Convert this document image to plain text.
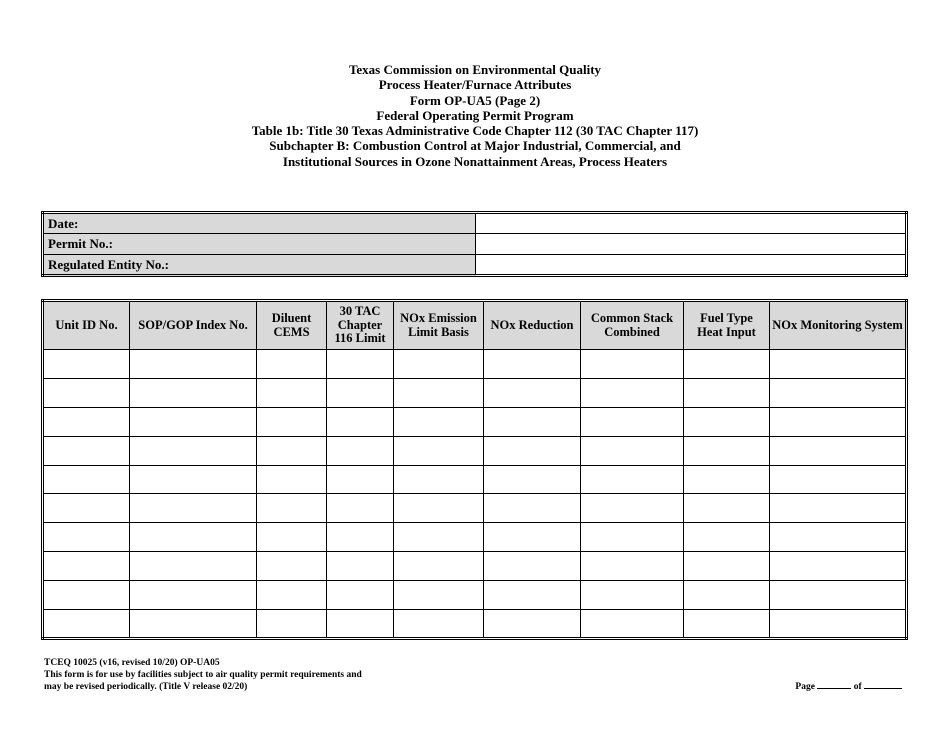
Texas Commission on Environmental Quality
Process Heater/Furnace Attributes
Form OP-UA5 (Page 2)
Federal Operating Permit Program
Table 1b: Title 30 Texas Administrative Code Chapter 112 (30 TAC Chapter 117)
Subchapter B: Combustion Control at Major Industrial, Commercial, and
Institutional Sources in Ozone Nonattainment Areas, Process Heaters
Date:	
Permit No.:	
Regulated Entity No.:	
Unit ID No.	SOP/GOP Index No.	Diluent CEMS	30 TAC Chapter 116 Limit	NOx Emission Limit Basis	NOx Reduction	Common Stack Combined	Fuel Type Heat Input	NOx Monitoring System

TCEQ 10025 (v16, revised 10/20) OP-UA05
This form is for use by facilities subject to air quality permit requirements and
may be revised periodically. (Title V release 02/20)	Page	of
